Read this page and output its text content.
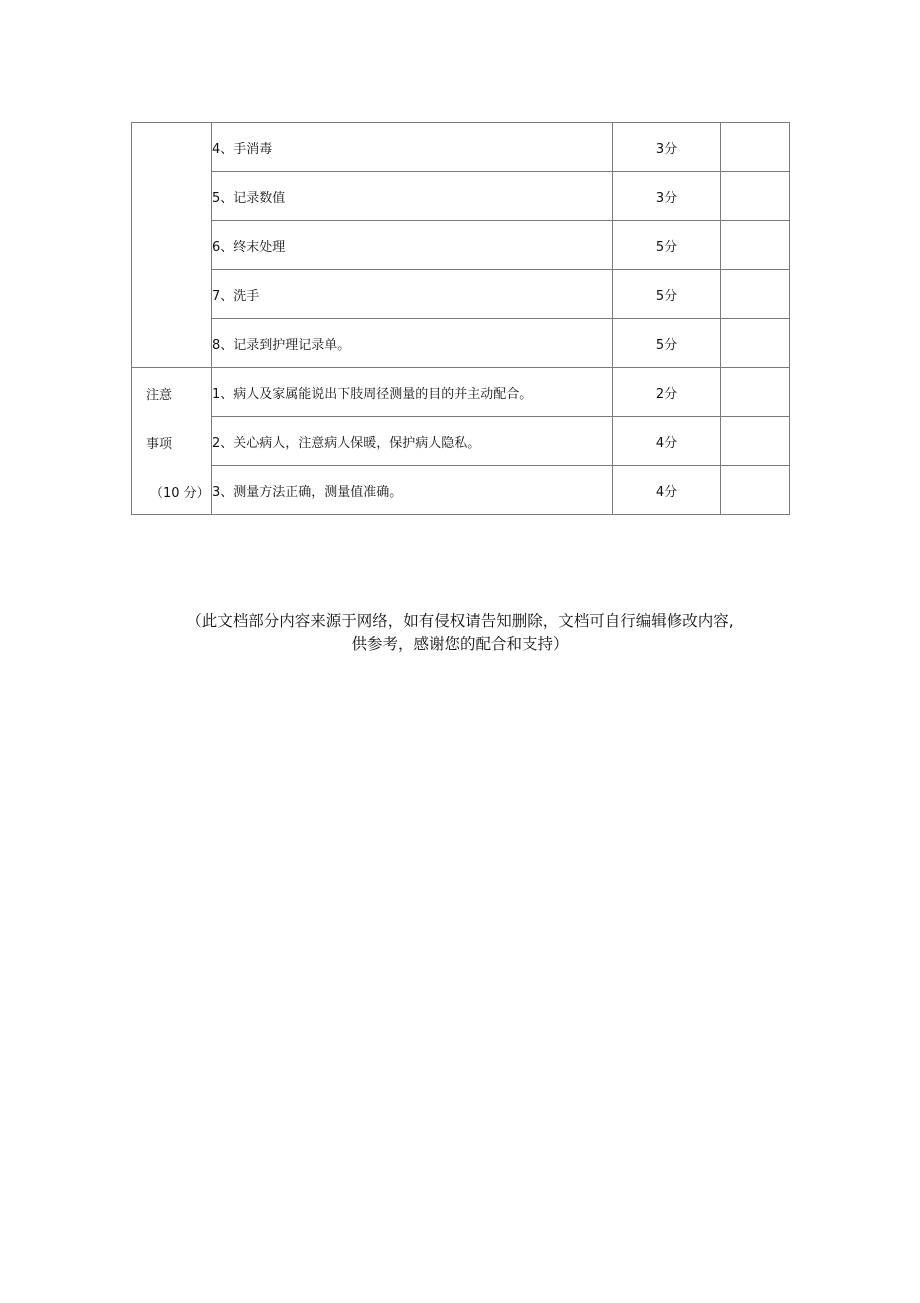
	4、手消毒	3分	
	5、记录数值	3分	
	6、终末处理	5分	
	7、洗手	5分	
	8、记录到护理记录单。	5分	

注意
事项
（10 分）	1、病人及家属能说出下肢周径测量的目的并主动配合。	2分	
	2、关心病人，注意病人保暖，保护病人隐私。	4分	
	3、测量方法正确，测量值准确。	4分	
（此文档部分内容来源于网络，如有侵权请告知删除，文档可自行编辑修改内容,
供参考，感谢您的配合和支持）
